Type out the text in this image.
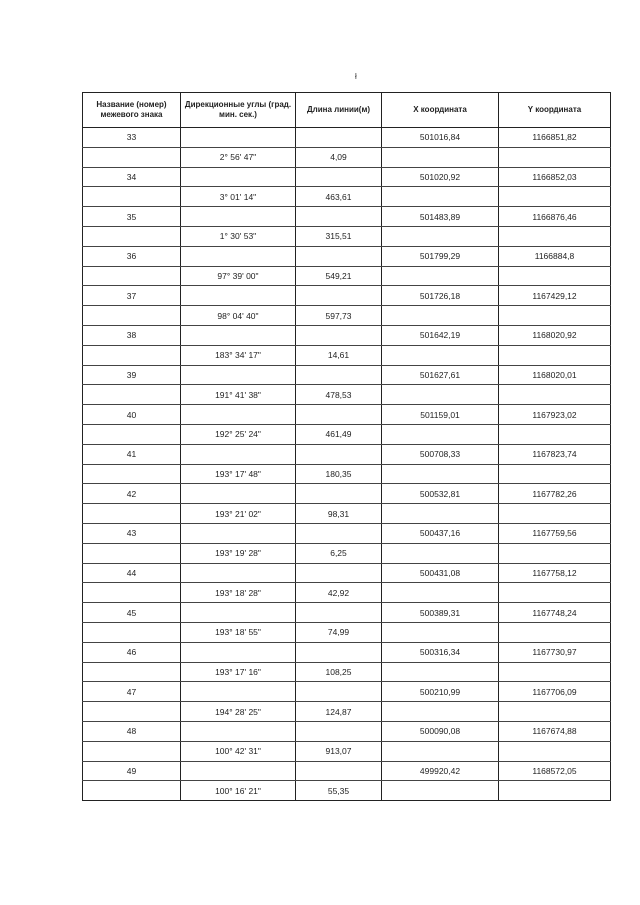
ł
Название (номер) межевого знака	Дирекционные углы (град. мин. сек.)	Длина линии(м)	X координата	Y координата
33			501016,84	1166851,82
	2° 56' 47"	4,09		
34			501020,92	1166852,03
	3° 01' 14"	463,61		
35			501483,89	1166876,46
	1° 30' 53"	315,51		
36			501799,29	1166884,8
	97° 39' 00"	549,21		
37			501726,18	1167429,12
	98° 04' 40"	597,73		
38			501642,19	1168020,92
	183° 34' 17"	14,61		
39			501627,61	1168020,01
	191° 41' 38"	478,53		
40			501159,01	1167923,02
	192° 25' 24"	461,49		
41			500708,33	1167823,74
	193° 17' 48"	180,35		
42			500532,81	1167782,26
	193° 21' 02"	98,31		
43			500437,16	1167759,56
	193° 19' 28"	6,25		
44			500431,08	1167758,12
	193° 18' 28"	42,92		
45			500389,31	1167748,24
	193° 18' 55"	74,99		
46			500316,34	1167730,97
	193° 17' 16"	108,25		
47			500210,99	1167706,09
	194° 28' 25"	124,87		
48			500090,08	1167674,88
	100° 42' 31"	913,07		
49			499920,42	1168572,05
	100° 16' 21"	55,35		
